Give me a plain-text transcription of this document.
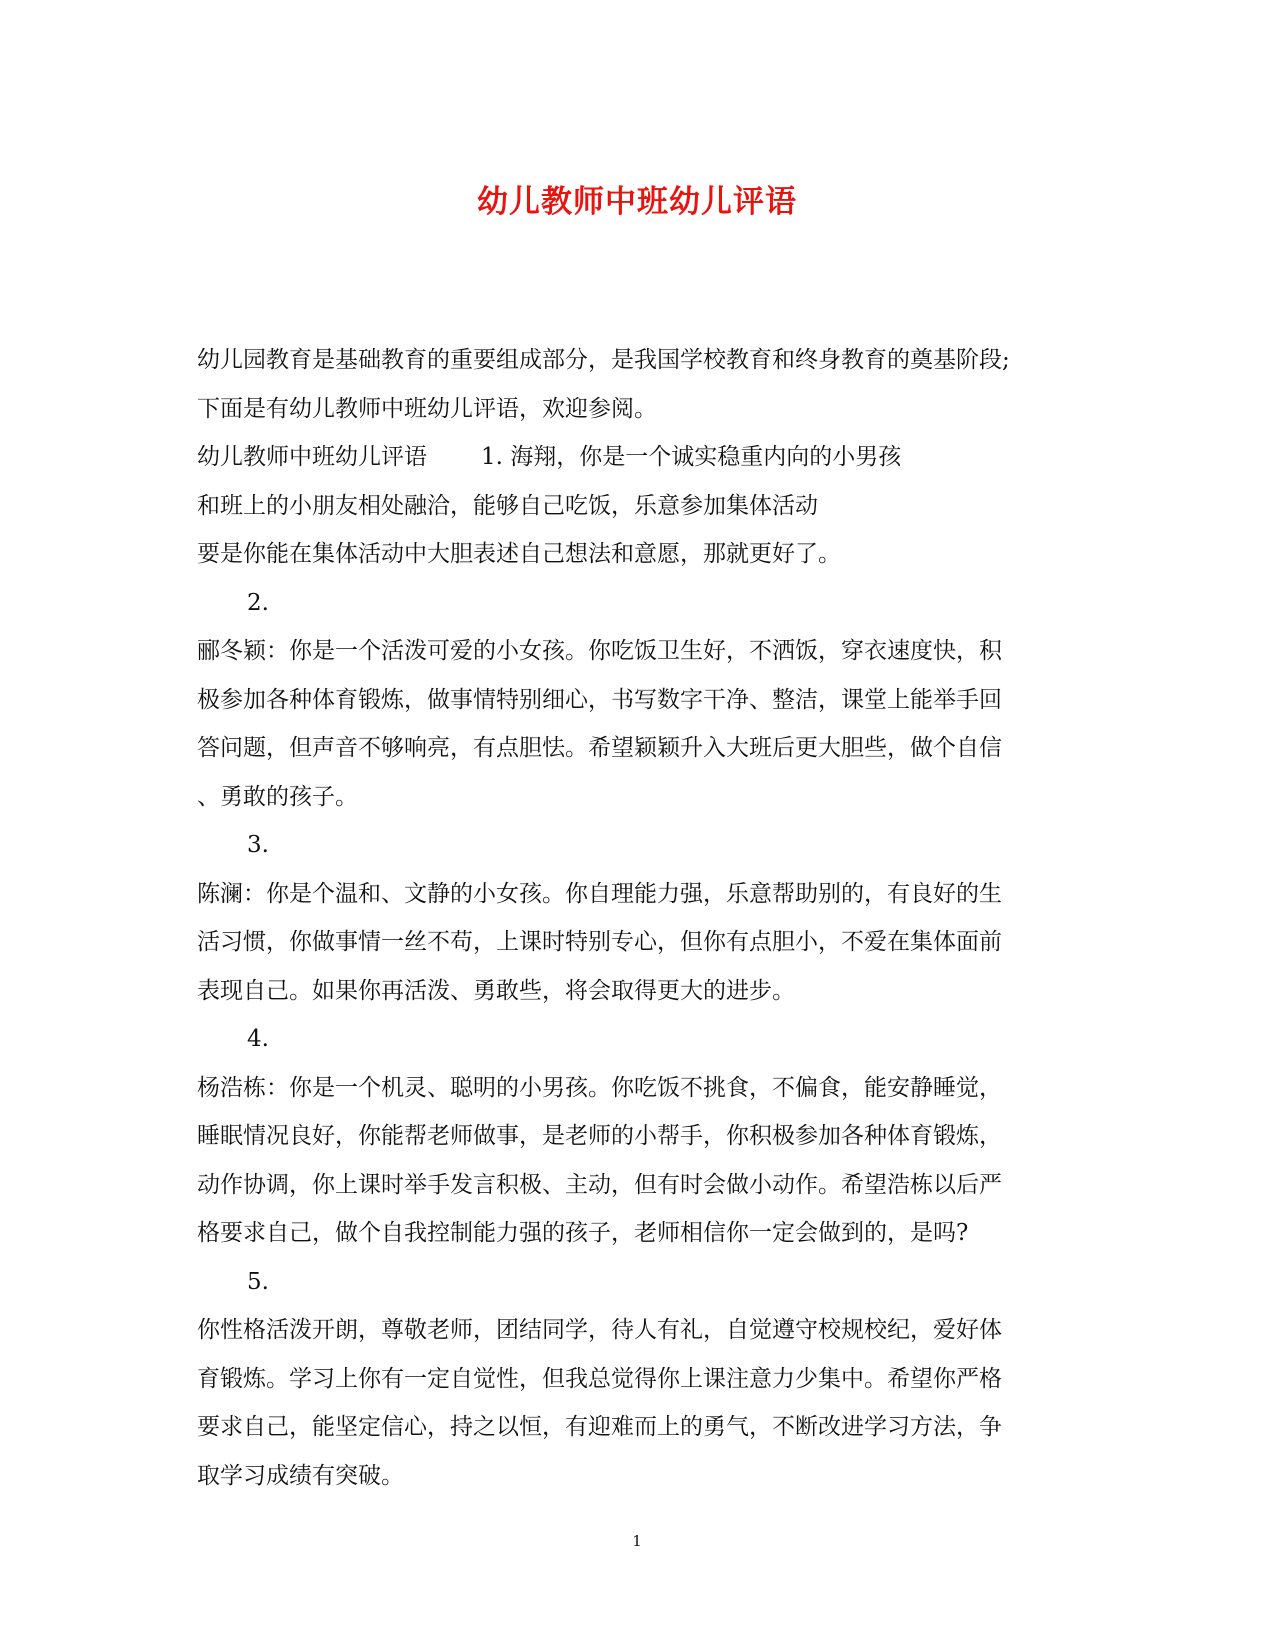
幼儿教师中班幼儿评语
幼儿园教育是基础教育的重要组成部分，是我国学校教育和终身教育的奠基阶段;
下面是有幼儿教师中班幼儿评语，欢迎参阅。
幼儿教师中班幼儿评语 1. 海翔，你是一个诚实稳重内向的小男孩
和班上的小朋友相处融洽，能够自己吃饭，乐意参加集体活动
要是你能在集体活动中大胆表述自己想法和意愿，那就更好了。
2.
郦冬颖：你是一个活泼可爱的小女孩。你吃饭卫生好，不洒饭，穿衣速度快，积
极参加各种体育锻炼，做事情特别细心，书写数字干净、整洁，课堂上能举手回
答问题，但声音不够响亮，有点胆怯。希望颖颖升入大班后更大胆些，做个自信
、勇敢的孩子。
3.
陈澜：你是个温和、文静的小女孩。你自理能力强，乐意帮助别的，有良好的生
活习惯，你做事情一丝不苟，上课时特别专心，但你有点胆小，不爱在集体面前
表现自己。如果你再活泼、勇敢些，将会取得更大的进步。
4.
杨浩栋：你是一个机灵、聪明的小男孩。你吃饭不挑食，不偏食，能安静睡觉，
睡眠情况良好，你能帮老师做事，是老师的小帮手，你积极参加各种体育锻炼，
动作协调，你上课时举手发言积极、主动，但有时会做小动作。希望浩栋以后严
格要求自己，做个自我控制能力强的孩子，老师相信你一定会做到的，是吗?
5.
你性格活泼开朗，尊敬老师，团结同学，待人有礼，自觉遵守校规校纪，爱好体
育锻炼。学习上你有一定自觉性，但我总觉得你上课注意力少集中。希望你严格
要求自己，能坚定信心，持之以恒，有迎难而上的勇气，不断改进学习方法，争
取学习成绩有突破。
1
